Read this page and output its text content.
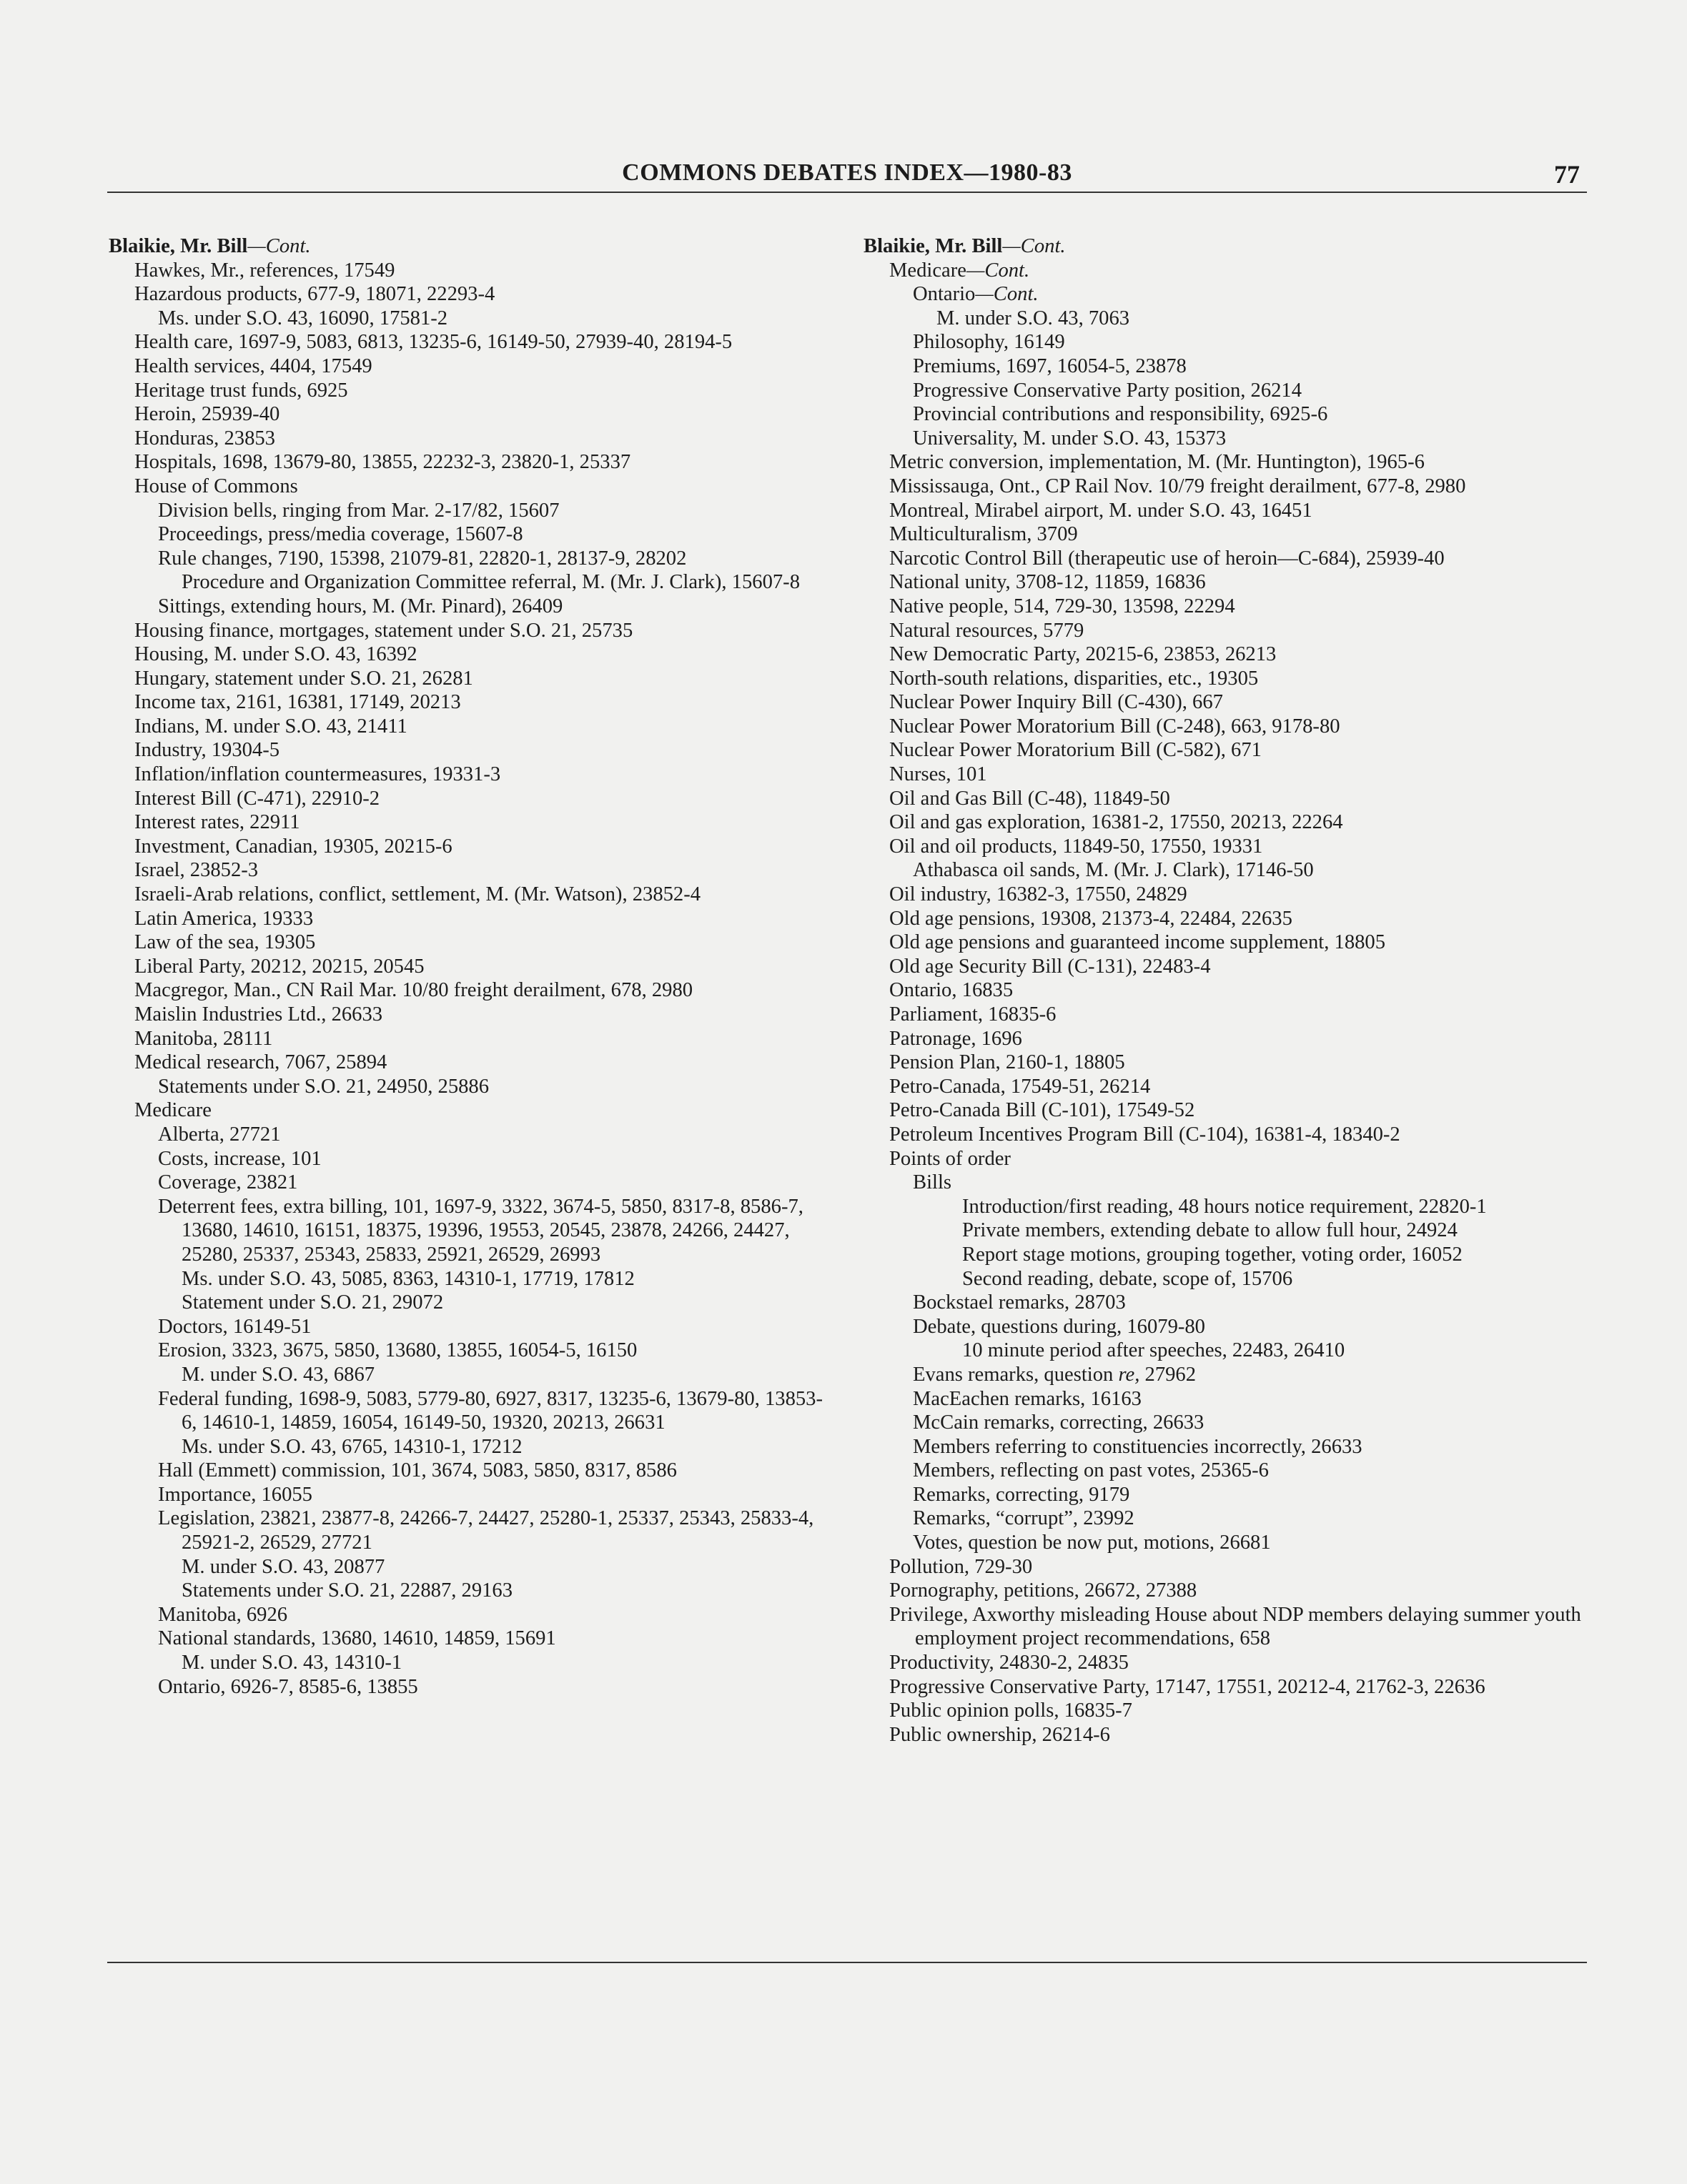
COMMONS DEBATES INDEX—1980-83	77
Blaikie, Mr. Bill—Cont.
Hawkes, Mr., references, 17549
Hazardous products, 677-9, 18071, 22293-4
Ms. under S.O. 43, 16090, 17581-2
Health care, 1697-9, 5083, 6813, 13235-6, 16149-50, 27939-40, 28194-5
Health services, 4404, 17549
Heritage trust funds, 6925
Heroin, 25939-40
Honduras, 23853
Hospitals, 1698, 13679-80, 13855, 22232-3, 23820-1, 25337
House of Commons
Division bells, ringing from Mar. 2-17/82, 15607
Proceedings, press/media coverage, 15607-8
Rule changes, 7190, 15398, 21079-81, 22820-1, 28137-9, 28202
Procedure and Organization Committee referral, M. (Mr. J. Clark), 15607-8
Sittings, extending hours, M. (Mr. Pinard), 26409
Housing finance, mortgages, statement under S.O. 21, 25735
Housing, M. under S.O. 43, 16392
Hungary, statement under S.O. 21, 26281
Income tax, 2161, 16381, 17149, 20213
Indians, M. under S.O. 43, 21411
Industry, 19304-5
Inflation/inflation countermeasures, 19331-3
Interest Bill (C-471), 22910-2
Interest rates, 22911
Investment, Canadian, 19305, 20215-6
Israel, 23852-3
Israeli-Arab relations, conflict, settlement, M. (Mr. Watson), 23852-4
Latin America, 19333
Law of the sea, 19305
Liberal Party, 20212, 20215, 20545
Macgregor, Man., CN Rail Mar. 10/80 freight derailment, 678, 2980
Maislin Industries Ltd., 26633
Manitoba, 28111
Medical research, 7067, 25894
Statements under S.O. 21, 24950, 25886
Medicare
Alberta, 27721
Costs, increase, 101
Coverage, 23821
Deterrent fees, extra billing, 101, 1697-9, 3322, 3674-5, 5850, 8317-8, 8586-7, 13680, 14610, 16151, 18375, 19396, 19553, 20545, 23878, 24266, 24427, 25280, 25337, 25343, 25833, 25921, 26529, 26993
Ms. under S.O. 43, 5085, 8363, 14310-1, 17719, 17812
Statement under S.O. 21, 29072
Doctors, 16149-51
Erosion, 3323, 3675, 5850, 13680, 13855, 16054-5, 16150
M. under S.O. 43, 6867
Federal funding, 1698-9, 5083, 5779-80, 6927, 8317, 13235-6, 13679-80, 13853-6, 14610-1, 14859, 16054, 16149-50, 19320, 20213, 26631
Ms. under S.O. 43, 6765, 14310-1, 17212
Hall (Emmett) commission, 101, 3674, 5083, 5850, 8317, 8586
Importance, 16055
Legislation, 23821, 23877-8, 24266-7, 24427, 25280-1, 25337, 25343, 25833-4, 25921-2, 26529, 27721
M. under S.O. 43, 20877
Statements under S.O. 21, 22887, 29163
Manitoba, 6926
National standards, 13680, 14610, 14859, 15691
M. under S.O. 43, 14310-1
Ontario, 6926-7, 8585-6, 13855
Blaikie, Mr. Bill—Cont.
Medicare—Cont.
Ontario—Cont.
M. under S.O. 43, 7063
Philosophy, 16149
Premiums, 1697, 16054-5, 23878
Progressive Conservative Party position, 26214
Provincial contributions and responsibility, 6925-6
Universality, M. under S.O. 43, 15373
Metric conversion, implementation, M. (Mr. Huntington), 1965-6
Mississauga, Ont., CP Rail Nov. 10/79 freight derailment, 677-8, 2980
Montreal, Mirabel airport, M. under S.O. 43, 16451
Multiculturalism, 3709
Narcotic Control Bill (therapeutic use of heroin—C-684), 25939-40
National unity, 3708-12, 11859, 16836
Native people, 514, 729-30, 13598, 22294
Natural resources, 5779
New Democratic Party, 20215-6, 23853, 26213
North-south relations, disparities, etc., 19305
Nuclear Power Inquiry Bill (C-430), 667
Nuclear Power Moratorium Bill (C-248), 663, 9178-80
Nuclear Power Moratorium Bill (C-582), 671
Nurses, 101
Oil and Gas Bill (C-48), 11849-50
Oil and gas exploration, 16381-2, 17550, 20213, 22264
Oil and oil products, 11849-50, 17550, 19331
Athabasca oil sands, M. (Mr. J. Clark), 17146-50
Oil industry, 16382-3, 17550, 24829
Old age pensions, 19308, 21373-4, 22484, 22635
Old age pensions and guaranteed income supplement, 18805
Old age Security Bill (C-131), 22483-4
Ontario, 16835
Parliament, 16835-6
Patronage, 1696
Pension Plan, 2160-1, 18805
Petro-Canada, 17549-51, 26214
Petro-Canada Bill (C-101), 17549-52
Petroleum Incentives Program Bill (C-104), 16381-4, 18340-2
Points of order
Bills
Introduction/first reading, 48 hours notice requirement, 22820-1
Private members, extending debate to allow full hour, 24924
Report stage motions, grouping together, voting order, 16052
Second reading, debate, scope of, 15706
Bockstael remarks, 28703
Debate, questions during, 16079-80
10 minute period after speeches, 22483, 26410
Evans remarks, question re, 27962
MacEachen remarks, 16163
McCain remarks, correcting, 26633
Members referring to constituencies incorrectly, 26633
Members, reflecting on past votes, 25365-6
Remarks, correcting, 9179
Remarks, “corrupt”, 23992
Votes, question be now put, motions, 26681
Pollution, 729-30
Pornography, petitions, 26672, 27388
Privilege, Axworthy misleading House about NDP members delaying summer youth employment project recommendations, 658
Productivity, 24830-2, 24835
Progressive Conservative Party, 17147, 17551, 20212-4, 21762-3, 22636
Public opinion polls, 16835-7
Public ownership, 26214-6
